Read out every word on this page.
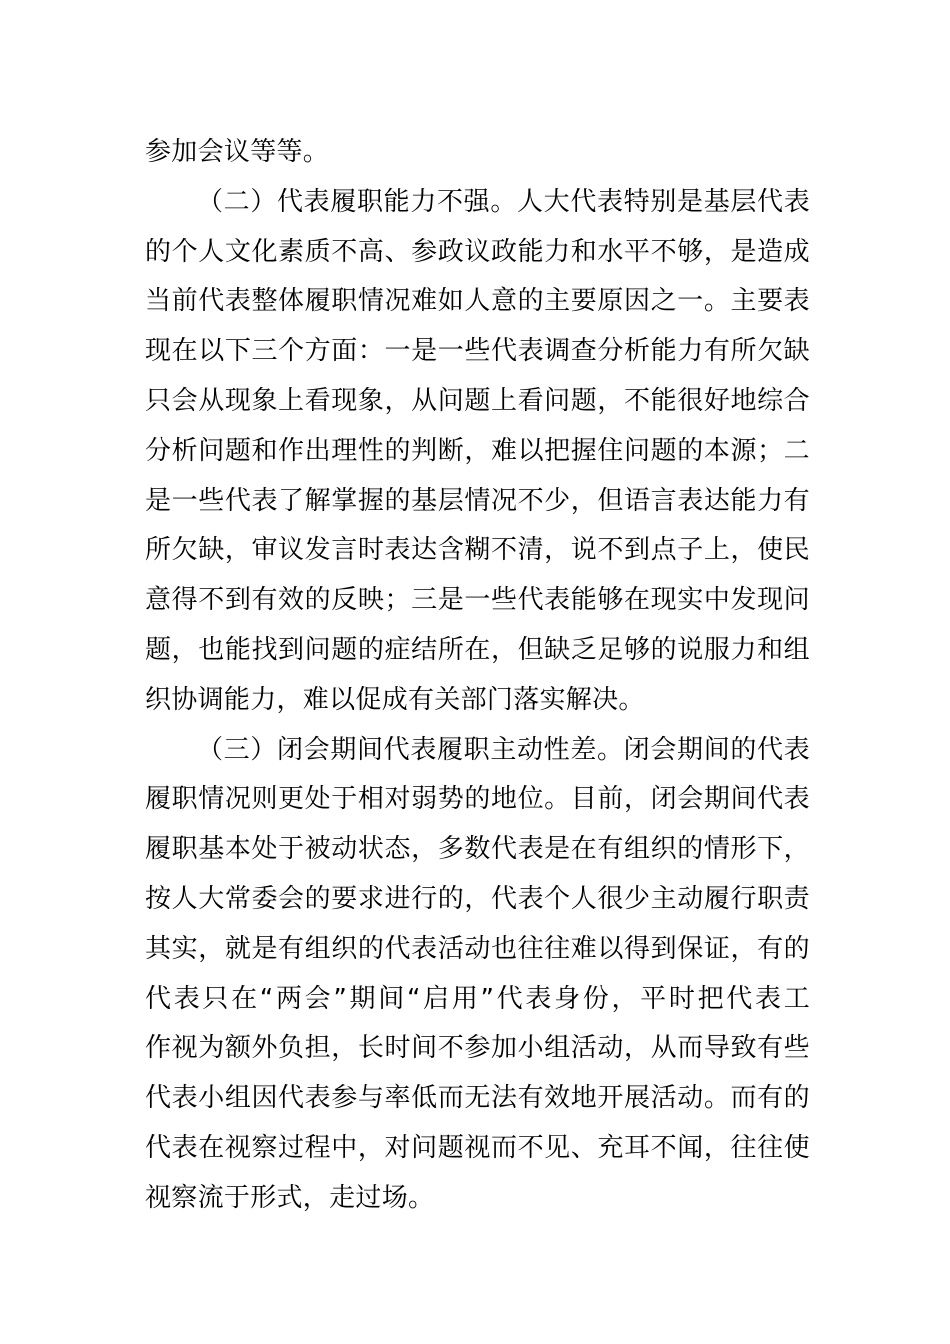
参加会议等等。
（二）代表履职能力不强。人大代表特别是基层代表
的个人文化素质不高、参政议政能力和水平不够，是造成
当前代表整体履职情况难如人意的主要原因之一。主要表
现在以下三个方面：一是一些代表调查分析能力有所欠缺
只会从现象上看现象，从问题上看问题，不能很好地综合
分析问题和作出理性的判断，难以把握住问题的本源；二
是一些代表了解掌握的基层情况不少，但语言表达能力有
所欠缺，审议发言时表达含糊不清，说不到点子上，使民
意得不到有效的反映；三是一些代表能够在现实中发现问
题，也能找到问题的症结所在，但缺乏足够的说服力和组
织协调能力，难以促成有关部门落实解决。
（三）闭会期间代表履职主动性差。闭会期间的代表
履职情况则更处于相对弱势的地位。目前，闭会期间代表
履职基本处于被动状态，多数代表是在有组织的情形下，
按人大常委会的要求进行的，代表个人很少主动履行职责
其实，就是有组织的代表活动也往往难以得到保证，有的
代表只在“两会”期间“启用”代表身份，平时把代表工
作视为额外负担，长时间不参加小组活动，从而导致有些
代表小组因代表参与率低而无法有效地开展活动。而有的
代表在视察过程中，对问题视而不见、充耳不闻，往往使
视察流于形式，走过场。
